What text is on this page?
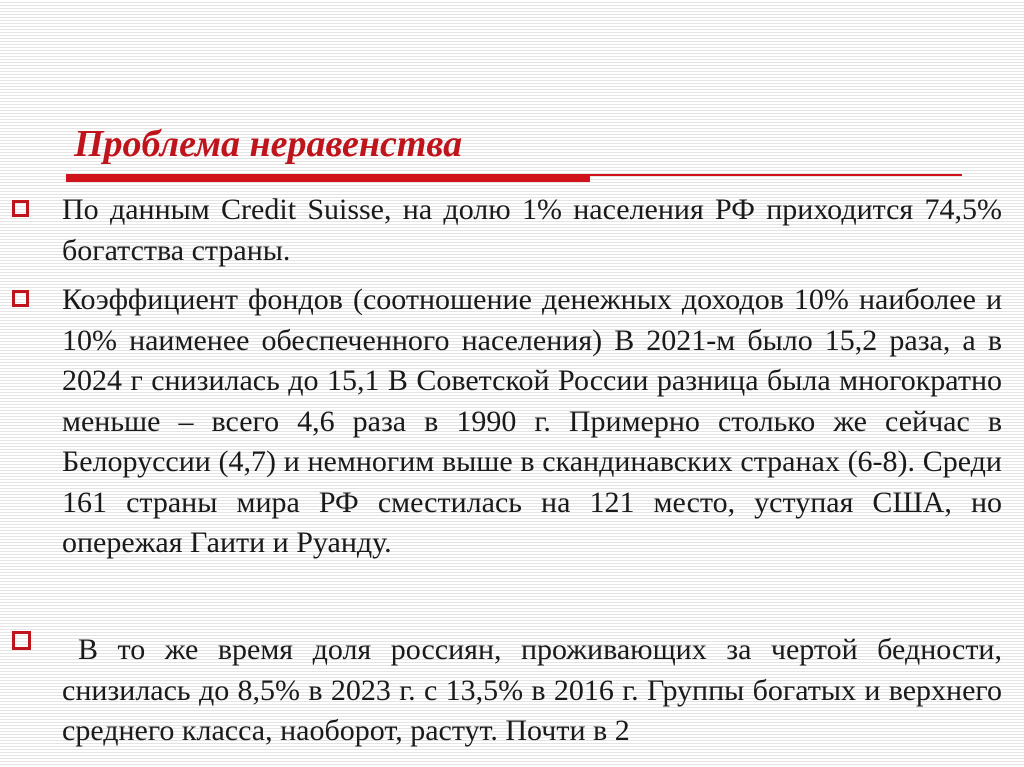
Проблема неравенства

По данным Credit Suisse, на долю 1% населения РФ приходится 74,5% богатства страны.

Коэффициент фондов (соотношение денежных доходов 10% наиболее и 10% наименее обеспеченного населения) В 2021-м было 15,2 раза, а в 2024 г снизилась до 15,1 В Советской России разница была многократно меньше – всего 4,6 раза в 1990 г. Примерно столько же сейчас в Белоруссии (4,7) и немногим выше в скандинавских странах (6-8). Среди 161 страны мира РФ сместилась на 121 место, уступая США, но опережая Гаити и Руанду.

В то же время доля россиян, проживающих за чертой бедности, снизилась до 8,5% в 2023 г. с 13,5% в 2016 г. Группы богатых и верхнего среднего класса, наоборот, растут. Почти в 2
